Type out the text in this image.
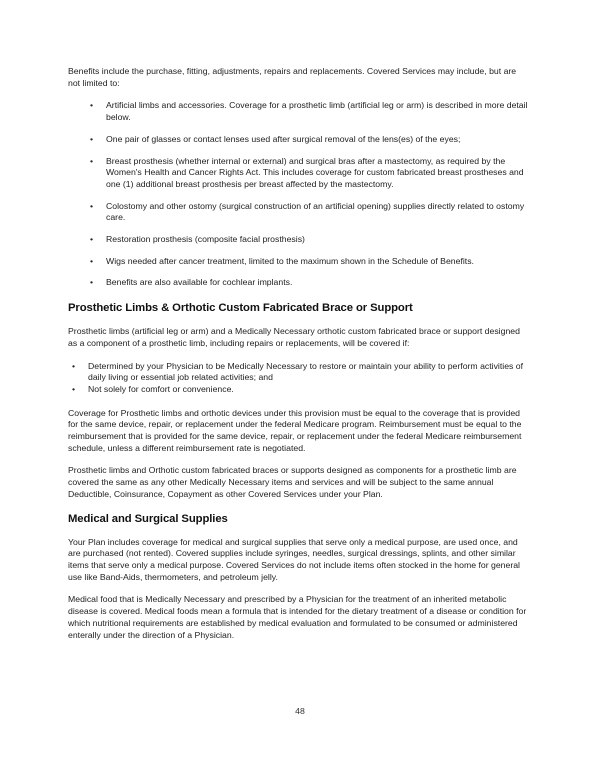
Benefits include the purchase, fitting, adjustments, repairs and replacements. Covered Services may include, but are not limited to:

• Artificial limbs and accessories. Coverage for a prosthetic limb (artificial leg or arm) is described in more detail below.
• One pair of glasses or contact lenses used after surgical removal of the lens(es) of the eyes;
• Breast prosthesis (whether internal or external) and surgical bras after a mastectomy, as required by the Women's Health and Cancer Rights Act. This includes coverage for custom fabricated breast prostheses and one (1) additional breast prosthesis per breast affected by the mastectomy.
• Colostomy and other ostomy (surgical construction of an artificial opening) supplies directly related to ostomy care.
• Restoration prosthesis (composite facial prosthesis)
• Wigs needed after cancer treatment, limited to the maximum shown in the Schedule of Benefits.
• Benefits are also available for cochlear implants.
Prosthetic Limbs & Orthotic Custom Fabricated Brace or Support

Prosthetic limbs (artificial leg or arm) and a Medically Necessary orthotic custom fabricated brace or support designed as a component of a prosthetic limb, including repairs or replacements, will be covered if:

• Determined by your Physician to be Medically Necessary to restore or maintain your ability to perform activities of daily living or essential job related activities; and
• Not solely for comfort or convenience.

Coverage for Prosthetic limbs and orthotic devices under this provision must be equal to the coverage that is provided for the same device, repair, or replacement under the federal Medicare program. Reimbursement must be equal to the reimbursement that is provided for the same device, repair, or replacement under the federal Medicare reimbursement schedule, unless a different reimbursement rate is negotiated.

Prosthetic limbs and Orthotic custom fabricated braces or supports designed as components for a prosthetic limb are covered the same as any other Medically Necessary items and services and will be subject to the same annual Deductible, Coinsurance, Copayment as other Covered Services under your Plan.

Medical and Surgical Supplies

Your Plan includes coverage for medical and surgical supplies that serve only a medical purpose, are used once, and are purchased (not rented). Covered supplies include syringes, needles, surgical dressings, splints, and other similar items that serve only a medical purpose. Covered Services do not include items often stocked in the home for general use like Band-Aids, thermometers, and petroleum jelly.

Medical food that is Medically Necessary and prescribed by a Physician for the treatment of an inherited metabolic disease is covered. Medical foods mean a formula that is intended for the dietary treatment of a disease or condition for which nutritional requirements are established by medical evaluation and formulated to be consumed or administered enterally under the direction of a Physician.

48
